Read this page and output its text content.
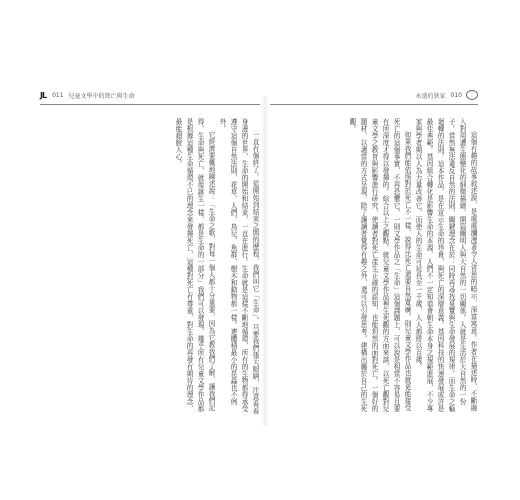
JL 011 兒童文學中的死亡與生命	永遠的狄家 010

一直有個終了。從開始到結束之間的歷程，我們叫它「生命」。只要我們張大眼睛，注意看看身邊的世界，生命的開始和結束，一直在進行。生命就是這樣不斷地循環，所有的生物都得承受遵守這個自然法則，花草、人們、鳥兒、魚群、樹木和動物都一樣。連體積最小的昆蟲也不例外。

它經濟要概地陳述說：「生命之歌，對每一個人都十分重要，因為它教我們了解，讓我們記得，生命與死亡，就像誕生一樣，都是生命的一部分」我們可以發現，幾乎所有兒童文學作品都是根據這種生命循環不已的理念來發揮死亡，這種對死亡有尊重，對生命的再發有期待的理念，最能超脫人心。	這個有趣的故事敘述說，是處處瀰漫著令人省思的暗示，深富寓意。作者在描述時，不斷融入對周遭生態變化的細微描繪，開篇闡明人與大自然的一切關係。人就是生活於大自然的一份子。當然無法違反自然的法則，關鍵理念在於：同時再尋找覓覽與生命發展的規律。而生命之輪迴轉的法則。這本作品，是在宣示生命的珍貴，與死亡的深層意義。基因科技的快速發展或許是最佳典範。基因組合轉化是影響生命的本源，人們不一定知道會朝生命本身之規範進展，不少專家與學者期以人為力量改善它，而使人的生命可延長至一千歲，人人都將以百歲。

如果我們能依照對於死亡不一樣，說得比死亡還要自然寬廣。則兒童文學作品也就更能接受死亡的這個事實，不再恐懼它。一則文學作品之「生命」這個課題上，可以說是相當不容易且要有所深度才得以發揮的。綜合以上之觀點。就兒童文學作品裡生死觀的方面來談，以死亡觀對兒童文學之教育與影響進行研究，使讀者對死亡產生正確的認知，也能坦然的面對死亡。一個好的題材，以適當的方式呈現，除了讓讀者覺得有趣之外，還可以引發思考，建構出屬於自己的生死觀。
